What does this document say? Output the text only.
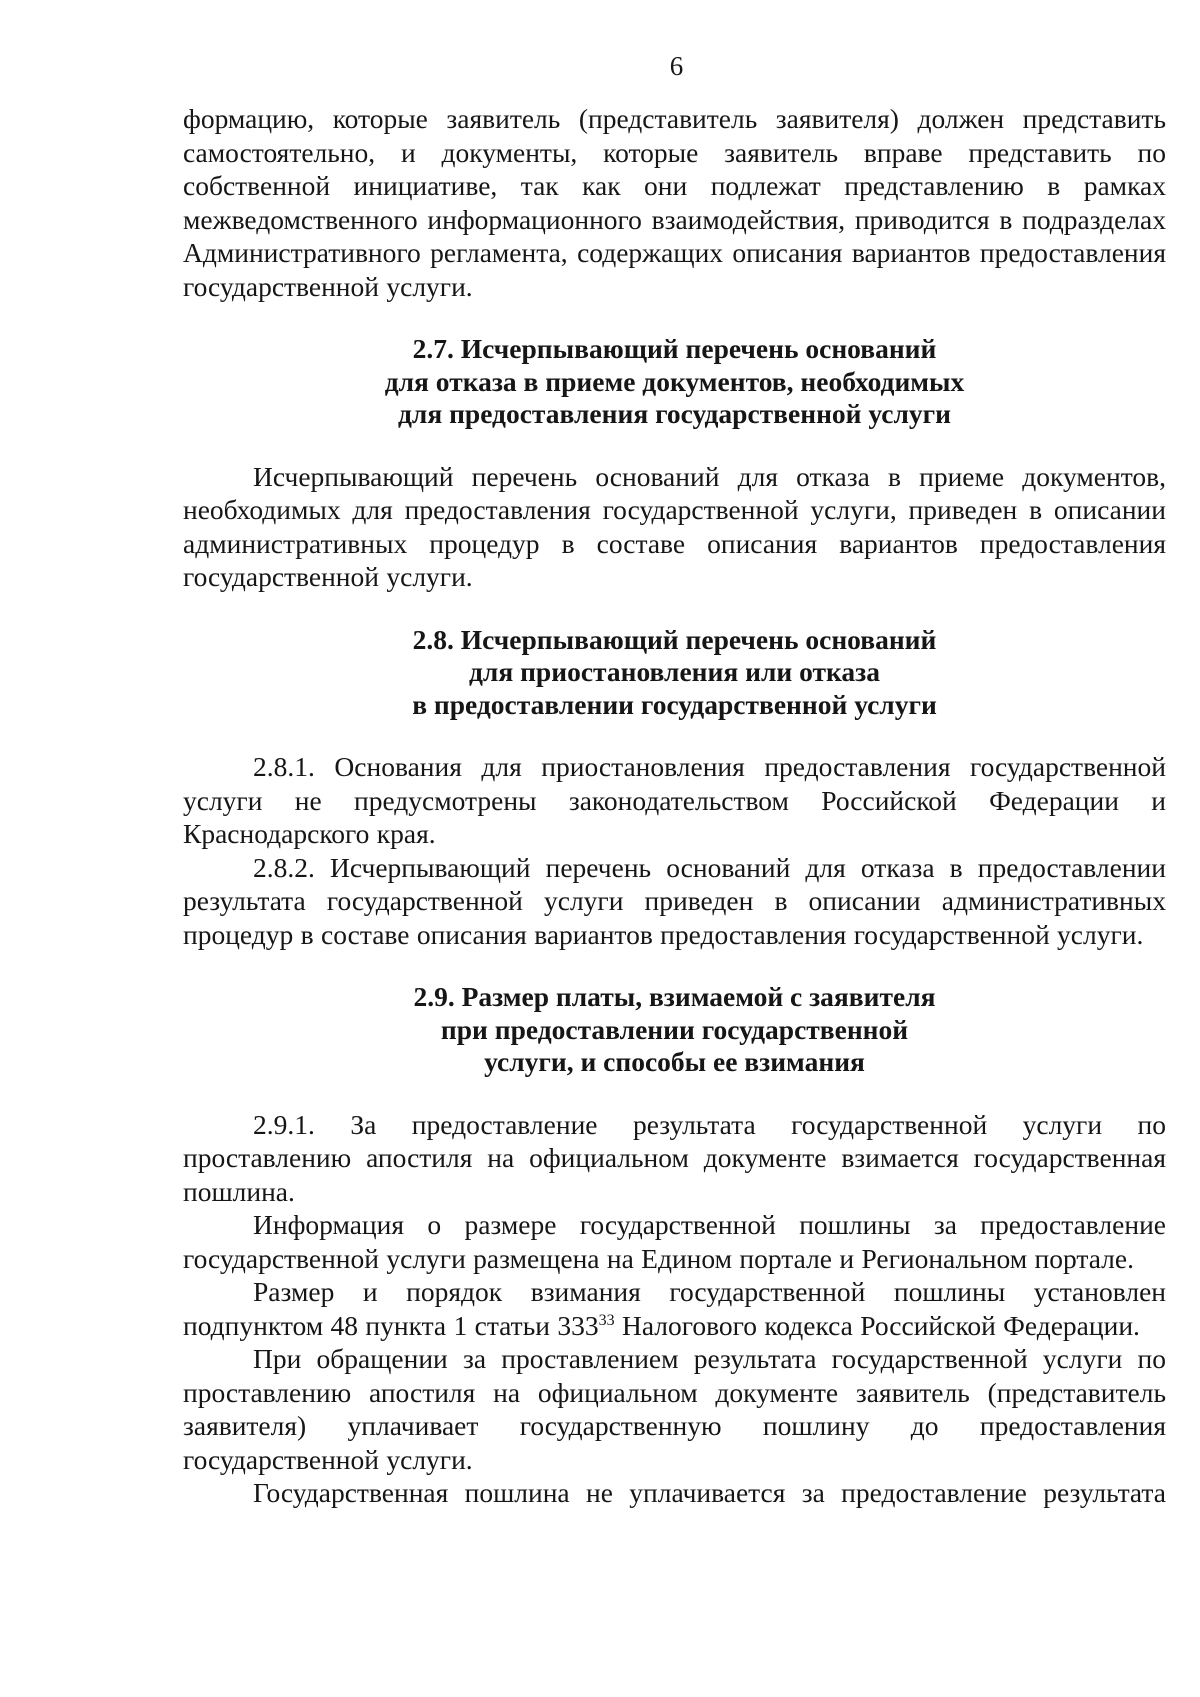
6

формацию, которые заявитель (представитель заявителя) должен представить самостоятельно, и документы, которые заявитель вправе представить по собственной инициативе, так как они подлежат представлению в рамках межведомственного информационного взаимодействия, приводится в подразделах Административного регламента, содержащих описания вариантов предоставления государственной услуги.

2.7. Исчерпывающий перечень оснований
для отказа в приеме документов, необходимых
для предоставления государственной услуги

Исчерпывающий перечень оснований для отказа в приеме документов, необходимых для предоставления государственной услуги, приведен в описании административных процедур в составе описания вариантов предоставления государственной услуги.

2.8. Исчерпывающий перечень оснований
для приостановления или отказа
в предоставлении государственной услуги

2.8.1. Основания для приостановления предоставления государственной услуги не предусмотрены законодательством Российской Федерации и Краснодарского края.

2.8.2. Исчерпывающий перечень оснований для отказа в предоставлении результата государственной услуги приведен в описании административных процедур в составе описания вариантов предоставления государственной услуги.

2.9. Размер платы, взимаемой с заявителя
при предоставлении государственной
услуги, и способы ее взимания

2.9.1. За предоставление результата государственной услуги по проставлению апостиля на официальном документе взимается государственная пошлина.

Информация о размере государственной пошлины за предоставление государственной услуги размещена на Едином портале и Региональном портале.

Размер и порядок взимания государственной пошлины установлен подпунктом 48 пункта 1 статьи $333^{33}$ Налогового кодекса Российской Федерации.

При обращении за проставлением результата государственной услуги по проставлению апостиля на официальном документе заявитель (представитель заявителя) уплачивает государственную пошлину до предоставления государственной услуги.

Государственная пошлина не уплачивается за предоставление результата
